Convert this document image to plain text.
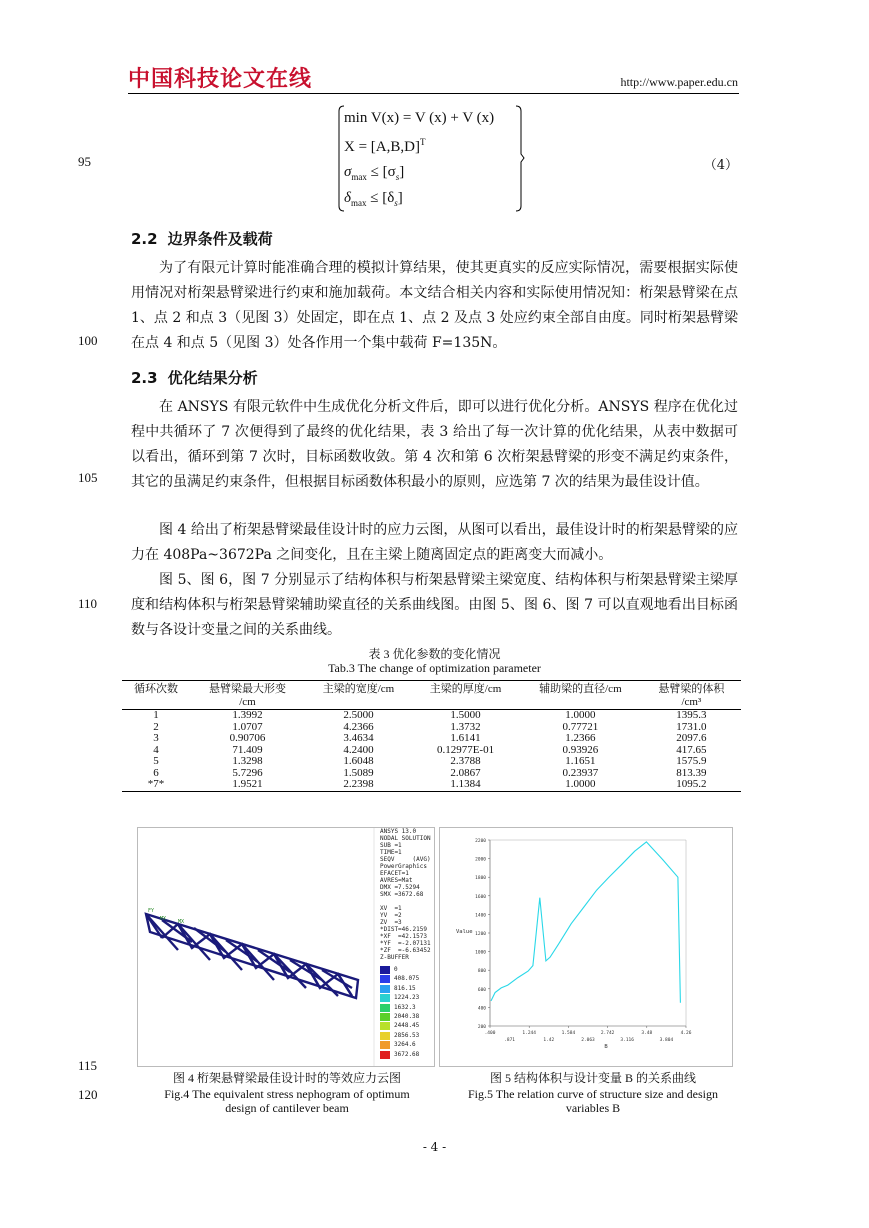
中国科技论文在线	http://www.paper.edu.cn
min V(x) = V (x) + V (x)
$X = [A,B,D]^T$
$\sigma_{max} \le [\sigma_s]$
$\delta_{max} \le [\delta_s]$
（4）
95
100
105
110
115
120
2.2 边界条件及载荷
为了有限元计算时能准确合理的模拟计算结果，使其更真实的反应实际情况，需要根据实际使用情况对桁架悬臂梁进行约束和施加载荷。本文结合相关内容和实际使用情况知：桁架悬臂梁在点 1、点 2 和点 3（见图 3）处固定，即在点 1、点 2 及点 3 处应约束全部自由度。同时桁架悬臂梁在点 4 和点 5（见图 3）处各作用一个集中载荷 F=135N。
2.3 优化结果分析
在 ANSYS 有限元软件中生成优化分析文件后，即可以进行优化分析。ANSYS 程序在优化过程中共循环了 7 次便得到了最终的优化结果，表 3 给出了每一次计算的优化结果，从表中数据可以看出，循环到第 7 次时，目标函数收敛。第 4 次和第 6 次桁架悬臂梁的形变不满足约束条件，其它的虽满足约束条件，但根据目标函数体积最小的原则，应选第 7 次的结果为最佳设计值。
图 4 给出了桁架悬臂梁最佳设计时的应力云图，从图可以看出，最佳设计时的桁架悬臂梁的应力在 408Pa~3672Pa 之间变化，且在主梁上随离固定点的距离变大而减小。
图 5、图 6，图 7 分别显示了结构体积与桁架悬臂梁主梁宽度、结构体积与桁架悬臂梁主梁厚度和结构体积与桁架悬臂梁辅助梁直径的关系曲线图。由图 5、图 6、图 7 可以直观地看出目标函数与各设计变量之间的关系曲线。
表 3 优化参数的变化情况
Tab.3 The change of optimization parameter
循环次数	悬臂梁最大形变	主梁的宽度/cm	主梁的厚度/cm	辅助梁的直径/cm	悬臂梁的体积
	/cm				/cm³
1	1.3992	2.5000	1.5000	1.0000	1395.3
2	1.0707	4.2366	1.3732	0.77721	1731.0
3	0.90706	3.4634	1.6141	1.2366	2097.6
4	71.409	4.2400	0.12977E-01	0.93926	417.65
5	1.3298	1.6048	2.3788	1.1651	1575.9
6	5.7296	1.5089	2.0867	0.23937	813.39
*7*	1.9521	2.2398	1.1384	1.0000	1095.2
FY
MX MX
ANSYS 13.0
NODAL SOLUTION
SUB =1
TIME=1
SEQV     (AVG)
PowerGraphics
EFACET=1
AVRES=Mat
DMX =7.5294
SMX =3672.68

XV  =1
YV  =2
ZV  =3
*DIST=46.2159
*XF  =42.1573
*YF  =-2.07131
*ZF  =-6.63452
Z-BUFFER
0
408.075
816.15
1224.23
1632.3
2040.38
2448.45
2856.53
3264.6
3672.68
图 4 桁架悬臂梁最佳设计时的等效应力云图
Fig.4 The equivalent stress nephogram of optimum
design of cantilever beam
200
400
600
800
1000
1200
1400
1600
1800
2000
2200
.400	1.244	1.584	2.742	3.48	4.26
.871	1.42	2.063	3.116	3.804
Value
B
图 5 结构体积与设计变量 B 的关系曲线
Fig.5 The relation curve of structure size and design
variables B
- 4 -
